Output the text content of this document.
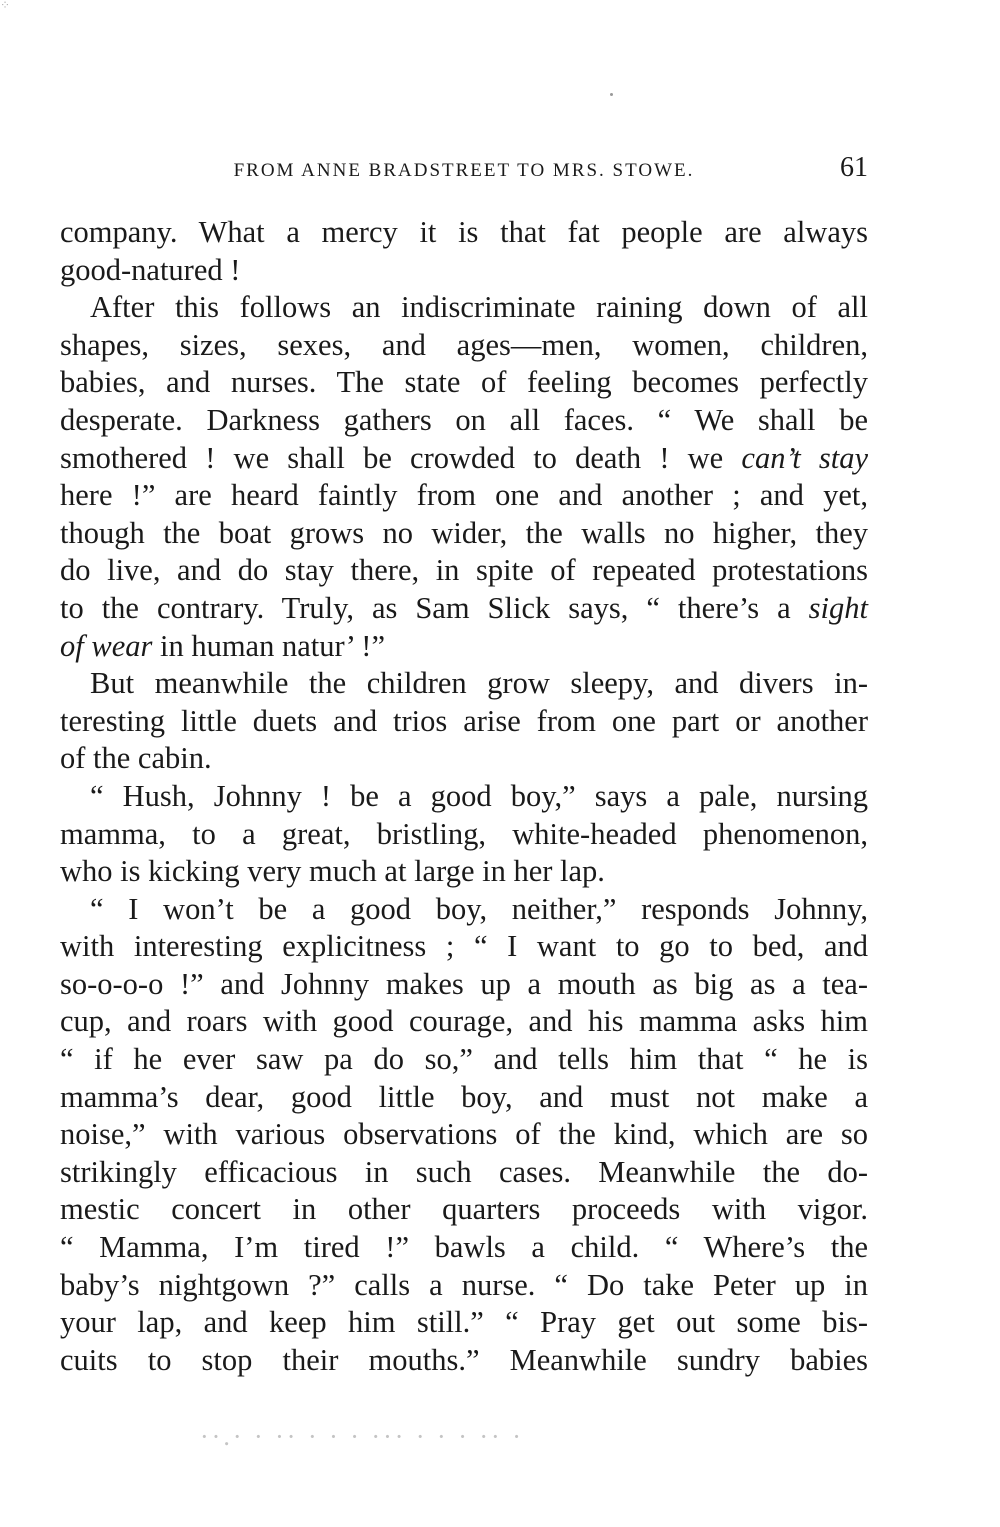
⁘
FROM ANNE BRADSTREET TO MRS. STOWE.	61
company. What a mercy it is that fat people are always
good-natured !
After this follows an indiscriminate raining down of all
shapes, sizes, sexes, and ages—men, women, children,
babies, and nurses. The state of feeling becomes perfectly
desperate. Darkness gathers on all faces. “ We shall be
smothered ! we shall be crowded to death ! we can’t stay
here !” are heard faintly from one and another ; and yet,
though the boat grows no wider, the walls no higher, they
do live, and do stay there, in spite of repeated protestations
to the contrary. Truly, as Sam Slick says, “ there’s a sight
of wear in human natur’ !”
But meanwhile the children grow sleepy, and divers in-
teresting little duets and trios arise from one part or another
of the cabin.
“ Hush, Johnny ! be a good boy,” says a pale, nursing
mamma, to a great, bristling, white-headed phenomenon,
who is kicking very much at large in her lap.
“ I won’t be a good boy, neither,” responds Johnny,
with interesting explicitness ; “ I want to go to bed, and
so-o-o-o !” and Johnny makes up a mouth as big as a tea-
cup, and roars with good courage, and his mamma asks him
“ if he ever saw pa do so,” and tells him that “ he is
mamma’s dear, good little boy, and must not make a
noise,” with various observations of the kind, which are so
strikingly efficacious in such cases. Meanwhile the do-
mestic concert in other quarters proceeds with vigor.
“ Mamma, I’m tired !” bawls a child. “ Where’s the
baby’s nightgown ?” calls a nurse. “ Do take Peter up in
your lap, and keep him still.” “ Pray get out some bis-
cuits to stop their mouths.” Meanwhile sundry babies
··.· · ·· · · · ··· · · · ·· ·
